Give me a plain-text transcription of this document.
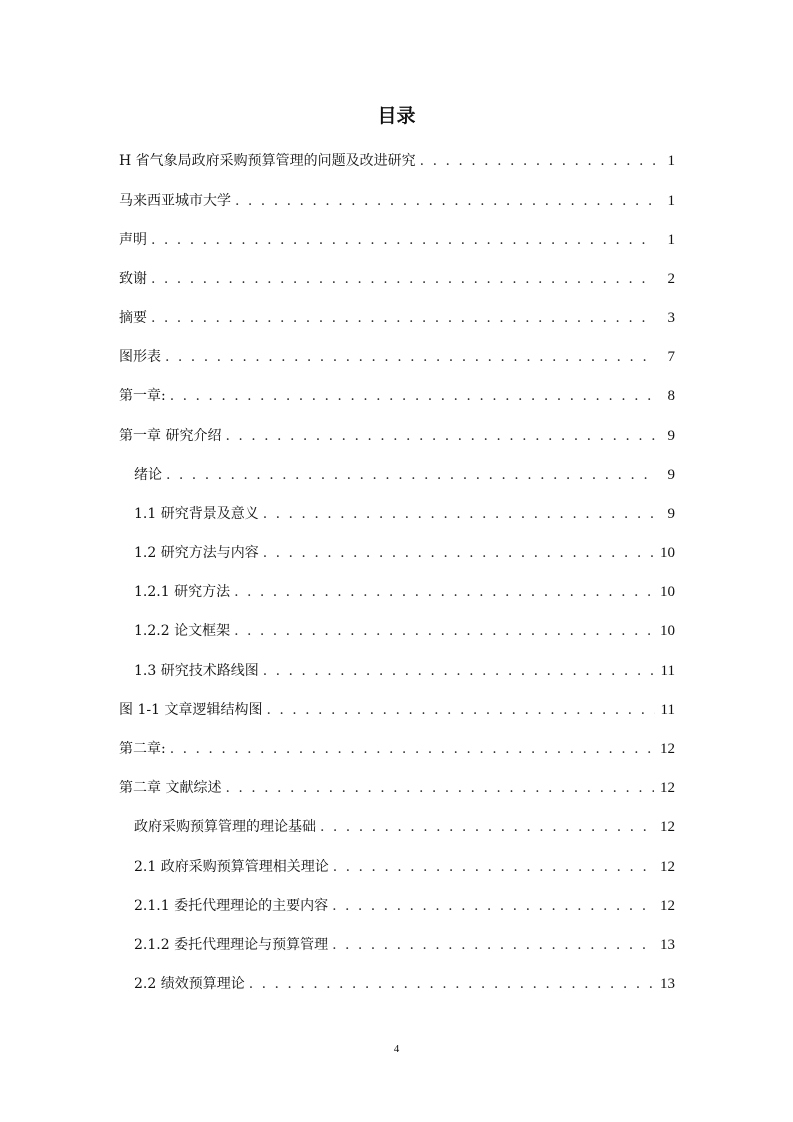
目录
H 省气象局政府采购预算管理的问题及改进研究 . . .	1
马来西亚城市大学 . . .	1
声明 . . .	1
致谢 . . .	2
摘要 . . .	3
图形表 . . .	7
第一章: . . .	8
第一章 研究介绍 . . .	9
绪论 . . .	9
1.1 研究背景及意义 . . .	9
1.2 研究方法与内容 . . .	10
1.2.1 研究方法 . . .	10
1.2.2 论文框架 . . .	10
1.3 研究技术路线图 . . .	11
图 1-1 文章逻辑结构图 . . .	11
第二章: . . .	12
第二章 文献综述 . . .	12
政府采购预算管理的理论基础 . . .	12
2.1 政府采购预算管理相关理论 . . .	12
2.1.1 委托代理理论的主要内容 . . .	12
2.1.2 委托代理理论与预算管理 . . .	13
2.2 绩效预算理论 . . .	13
4
